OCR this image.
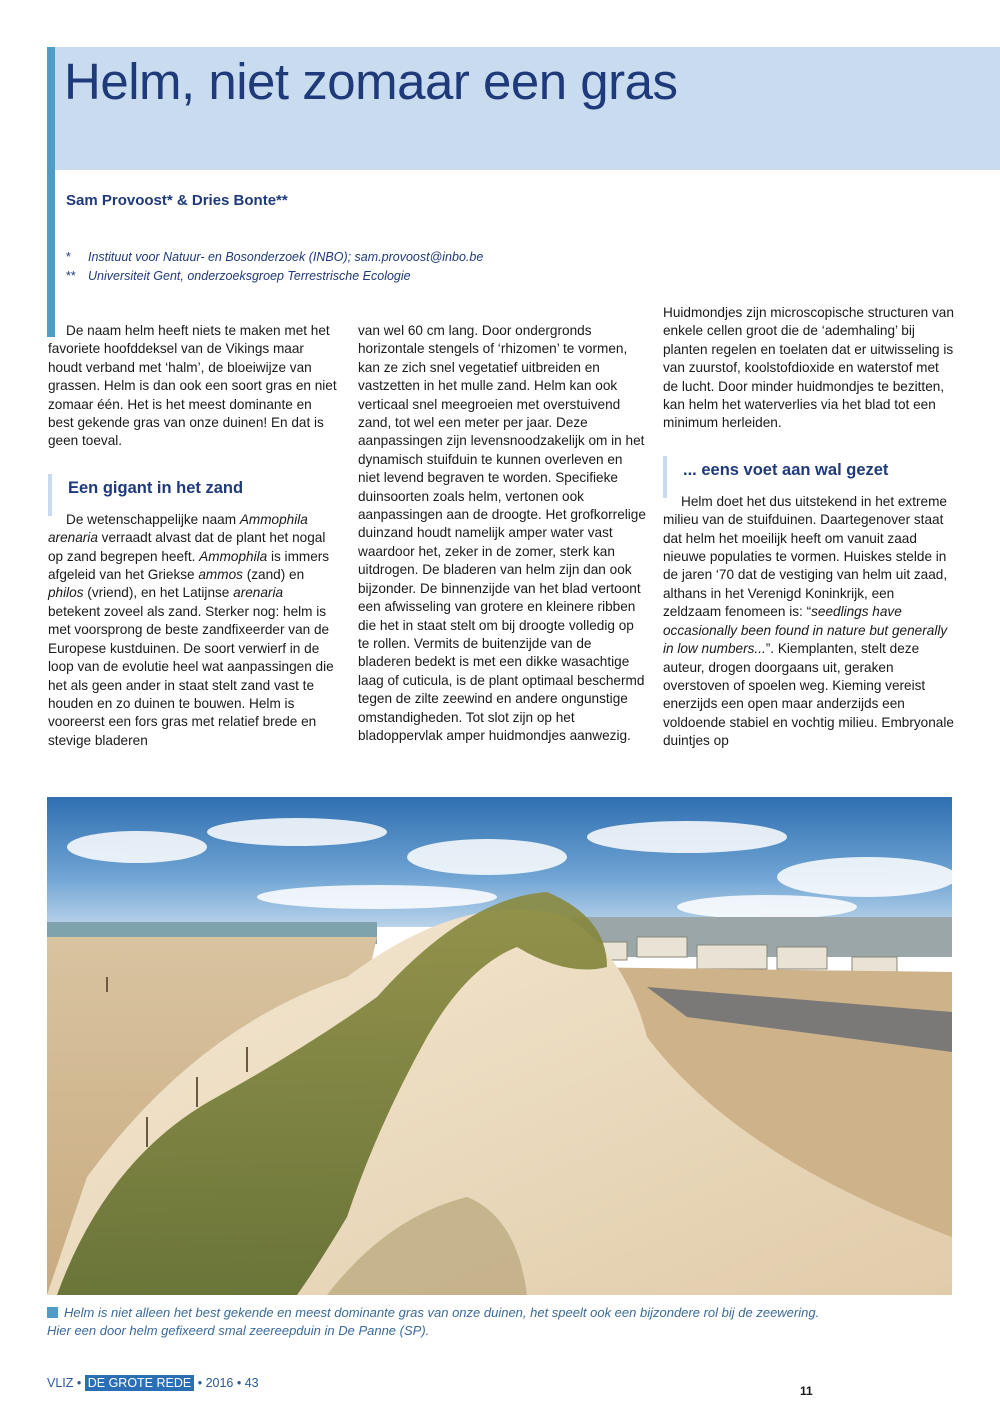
Helm, niet zomaar een gras
Sam Provoost* & Dries Bonte**
* Instituut voor Natuur- en Bosonderzoek (INBO); sam.provoost@inbo.be
** Universiteit Gent, onderzoeksgroep Terrestrische Ecologie

De naam helm heeft niets te maken met het favoriete hoofddeksel van de Vikings maar houdt verband met ‘halm’, de bloeiwijze van grassen. Helm is dan ook een soort gras en niet zomaar één. Het is het meest dominante en best gekende gras van onze duinen! En dat is geen toeval.

Een gigant in het zand

De wetenschappelijke naam Ammophila arenaria verraadt alvast dat de plant het nogal op zand begrepen heeft. Ammophila is immers afgeleid van het Griekse ammos (zand) en philos (vriend), en het Latijnse arenaria betekent zoveel als zand. Sterker nog: helm is met voorsprong de beste zandfixeerder van de Europese kustduinen. De soort verwierf in de loop van de evolutie heel wat aanpassingen die het als geen ander in staat stelt zand vast te houden en zo duinen te bouwen. Helm is vooreerst een fors gras met relatief brede en stevige bladeren

van wel 60 cm lang. Door ondergronds horizontale stengels of ‘rhizomen’ te vormen, kan ze zich snel vegetatief uitbreiden en vastzetten in het mulle zand. Helm kan ook verticaal snel meegroeien met overstuivend zand, tot wel een meter per jaar. Deze aanpassingen zijn levensnoodzakelijk om in het dynamisch stuifduin te kunnen overleven en niet levend begraven te worden. Specifieke duinsoorten zoals helm, vertonen ook aanpassingen aan de droogte. Het grofkorrelige duinzand houdt namelijk amper water vast waardoor het, zeker in de zomer, sterk kan uitdrogen. De bladeren van helm zijn dan ook bijzonder. De binnenzijde van het blad vertoont een afwisseling van grotere en kleinere ribben die het in staat stelt om bij droogte volledig op te rollen. Vermits de buitenzijde van de bladeren bedekt is met een dikke wasachtige laag of cuticula, is de plant optimaal beschermd tegen de zilte zeewind en andere ongunstige omstandigheden. Tot slot zijn op het bladoppervlak amper huidmondjes aanwezig.

Huidmondjes zijn microscopische structuren van enkele cellen groot die de ‘ademhaling’ bij planten regelen en toelaten dat er uitwisseling is van zuurstof, koolstofdioxide en waterstof met de lucht. Door minder huidmondjes te bezitten, kan helm het waterverlies via het blad tot een minimum herleiden.

... eens voet aan wal gezet

Helm doet het dus uitstekend in het extreme milieu van de stuifduinen. Daartegenover staat dat helm het moeilijk heeft om vanuit zaad nieuwe populaties te vormen. Huiskes stelde in de jaren ‘70 dat de vestiging van helm uit zaad, althans in het Verenigd Koninkrijk, een zeldzaam fenomeen is: “seedlings have occasionally been found in nature but generally in low numbers...”. Kiemplanten, stelt deze auteur, drogen doorgaans uit, geraken overstoven of spoelen weg. Kieming vereist enerzijds een open maar anderzijds een voldoende stabiel en vochtig milieu. Embryonale duintjes op

Helm is niet alleen het best gekende en meest dominante gras van onze duinen, het speelt ook een bijzondere rol bij de zeewering.
Hier een door helm gefixeerd smal zeereepduin in De Panne (SP).
VLIZ • DE GROTE REDE • 2016 • 43
11
